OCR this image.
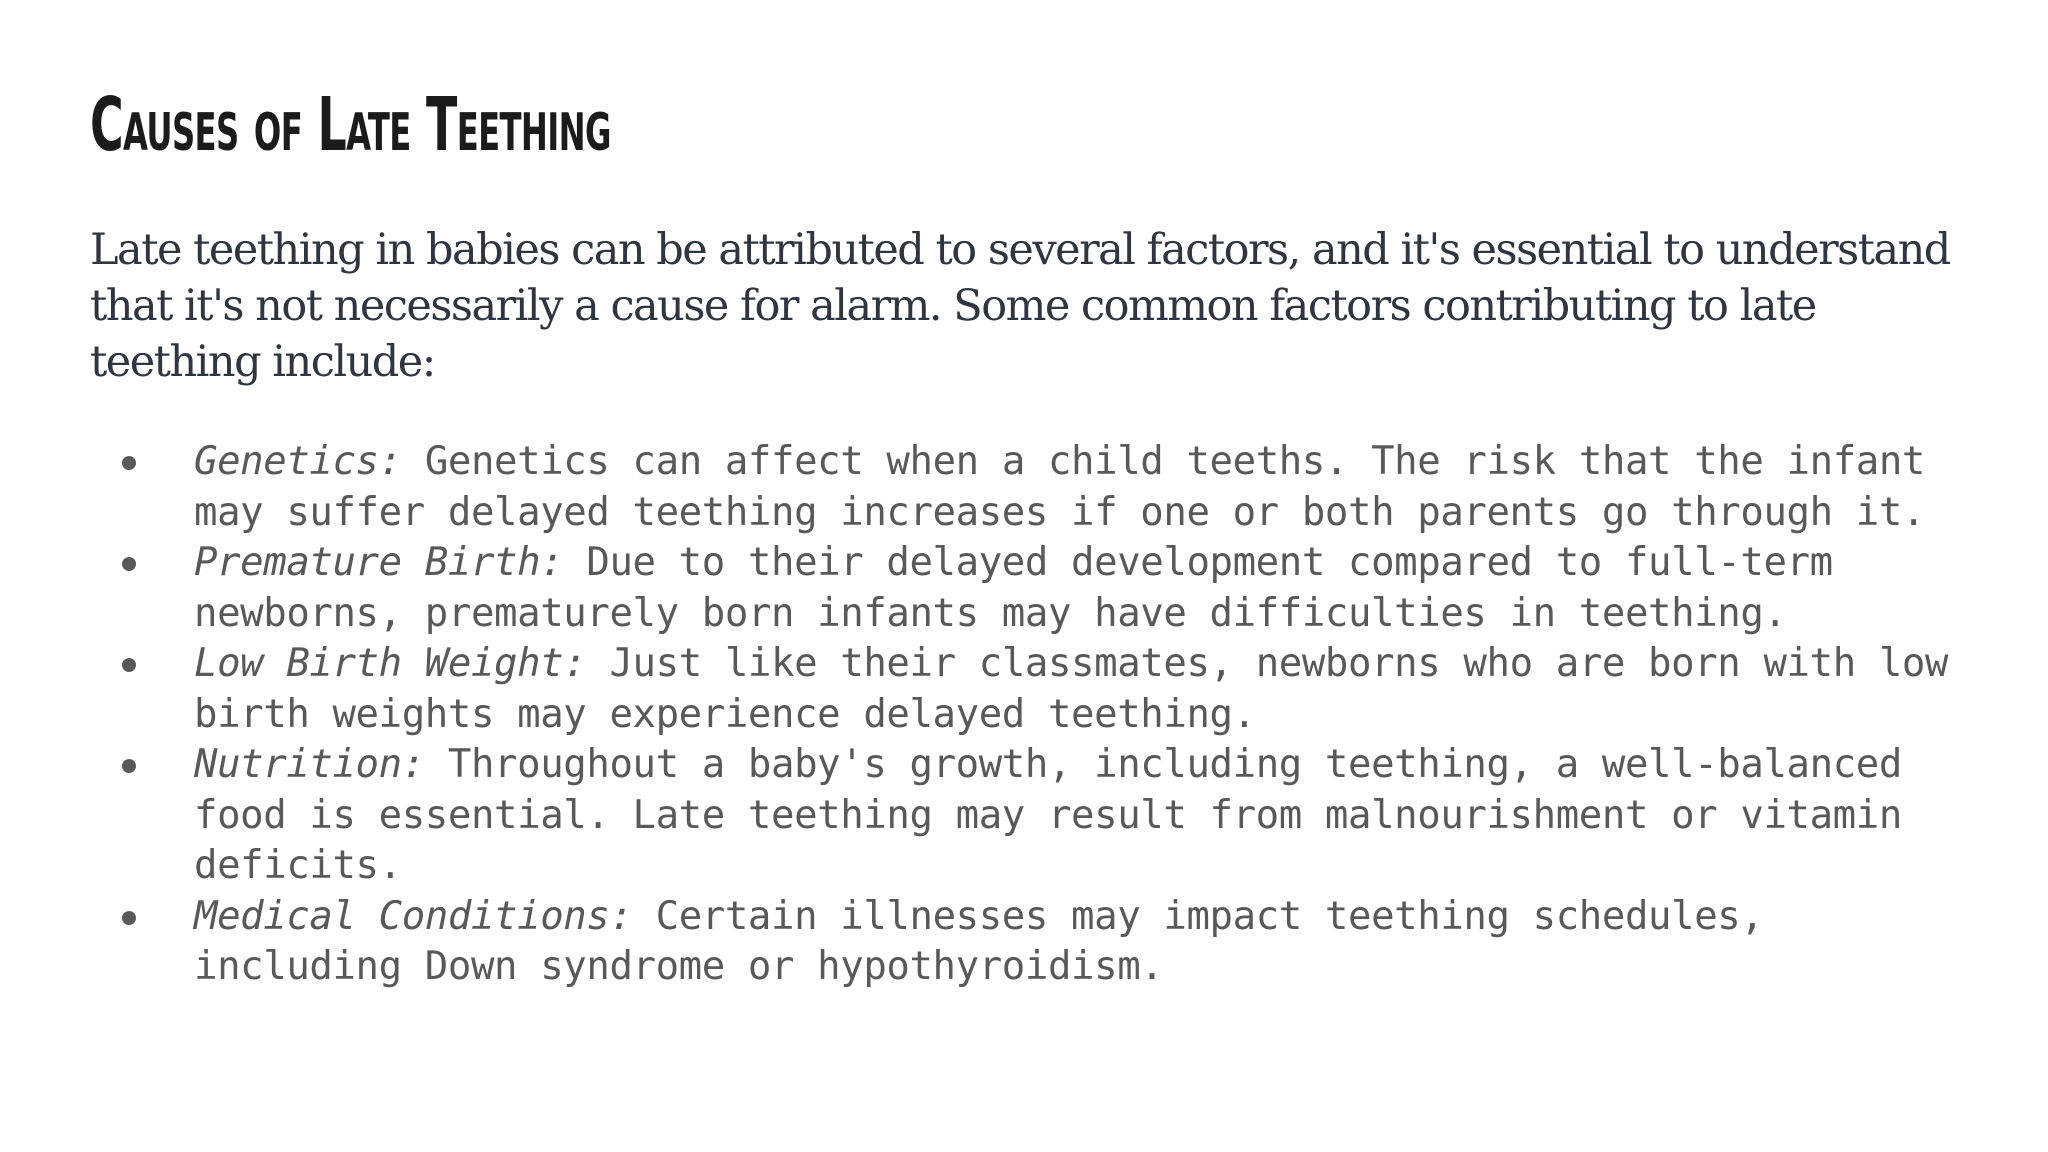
Causes of Late Teething

Late teething in babies can be attributed to several factors, and it's essential to understand that it's not necessarily a cause for alarm. Some common factors contributing to late teething include:

Genetics: Genetics can affect when a child teeths. The risk that the infant may suffer delayed teething increases if one or both parents go through it.
Premature Birth: Due to their delayed development compared to full-term newborns, prematurely born infants may have difficulties in teething.
Low Birth Weight: Just like their classmates, newborns who are born with low birth weights may experience delayed teething.
Nutrition: Throughout a baby's growth, including teething, a well-balanced food is essential. Late teething may result from malnourishment or vitamin deficits.
Medical Conditions: Certain illnesses may impact teething schedules, including Down syndrome or hypothyroidism.
